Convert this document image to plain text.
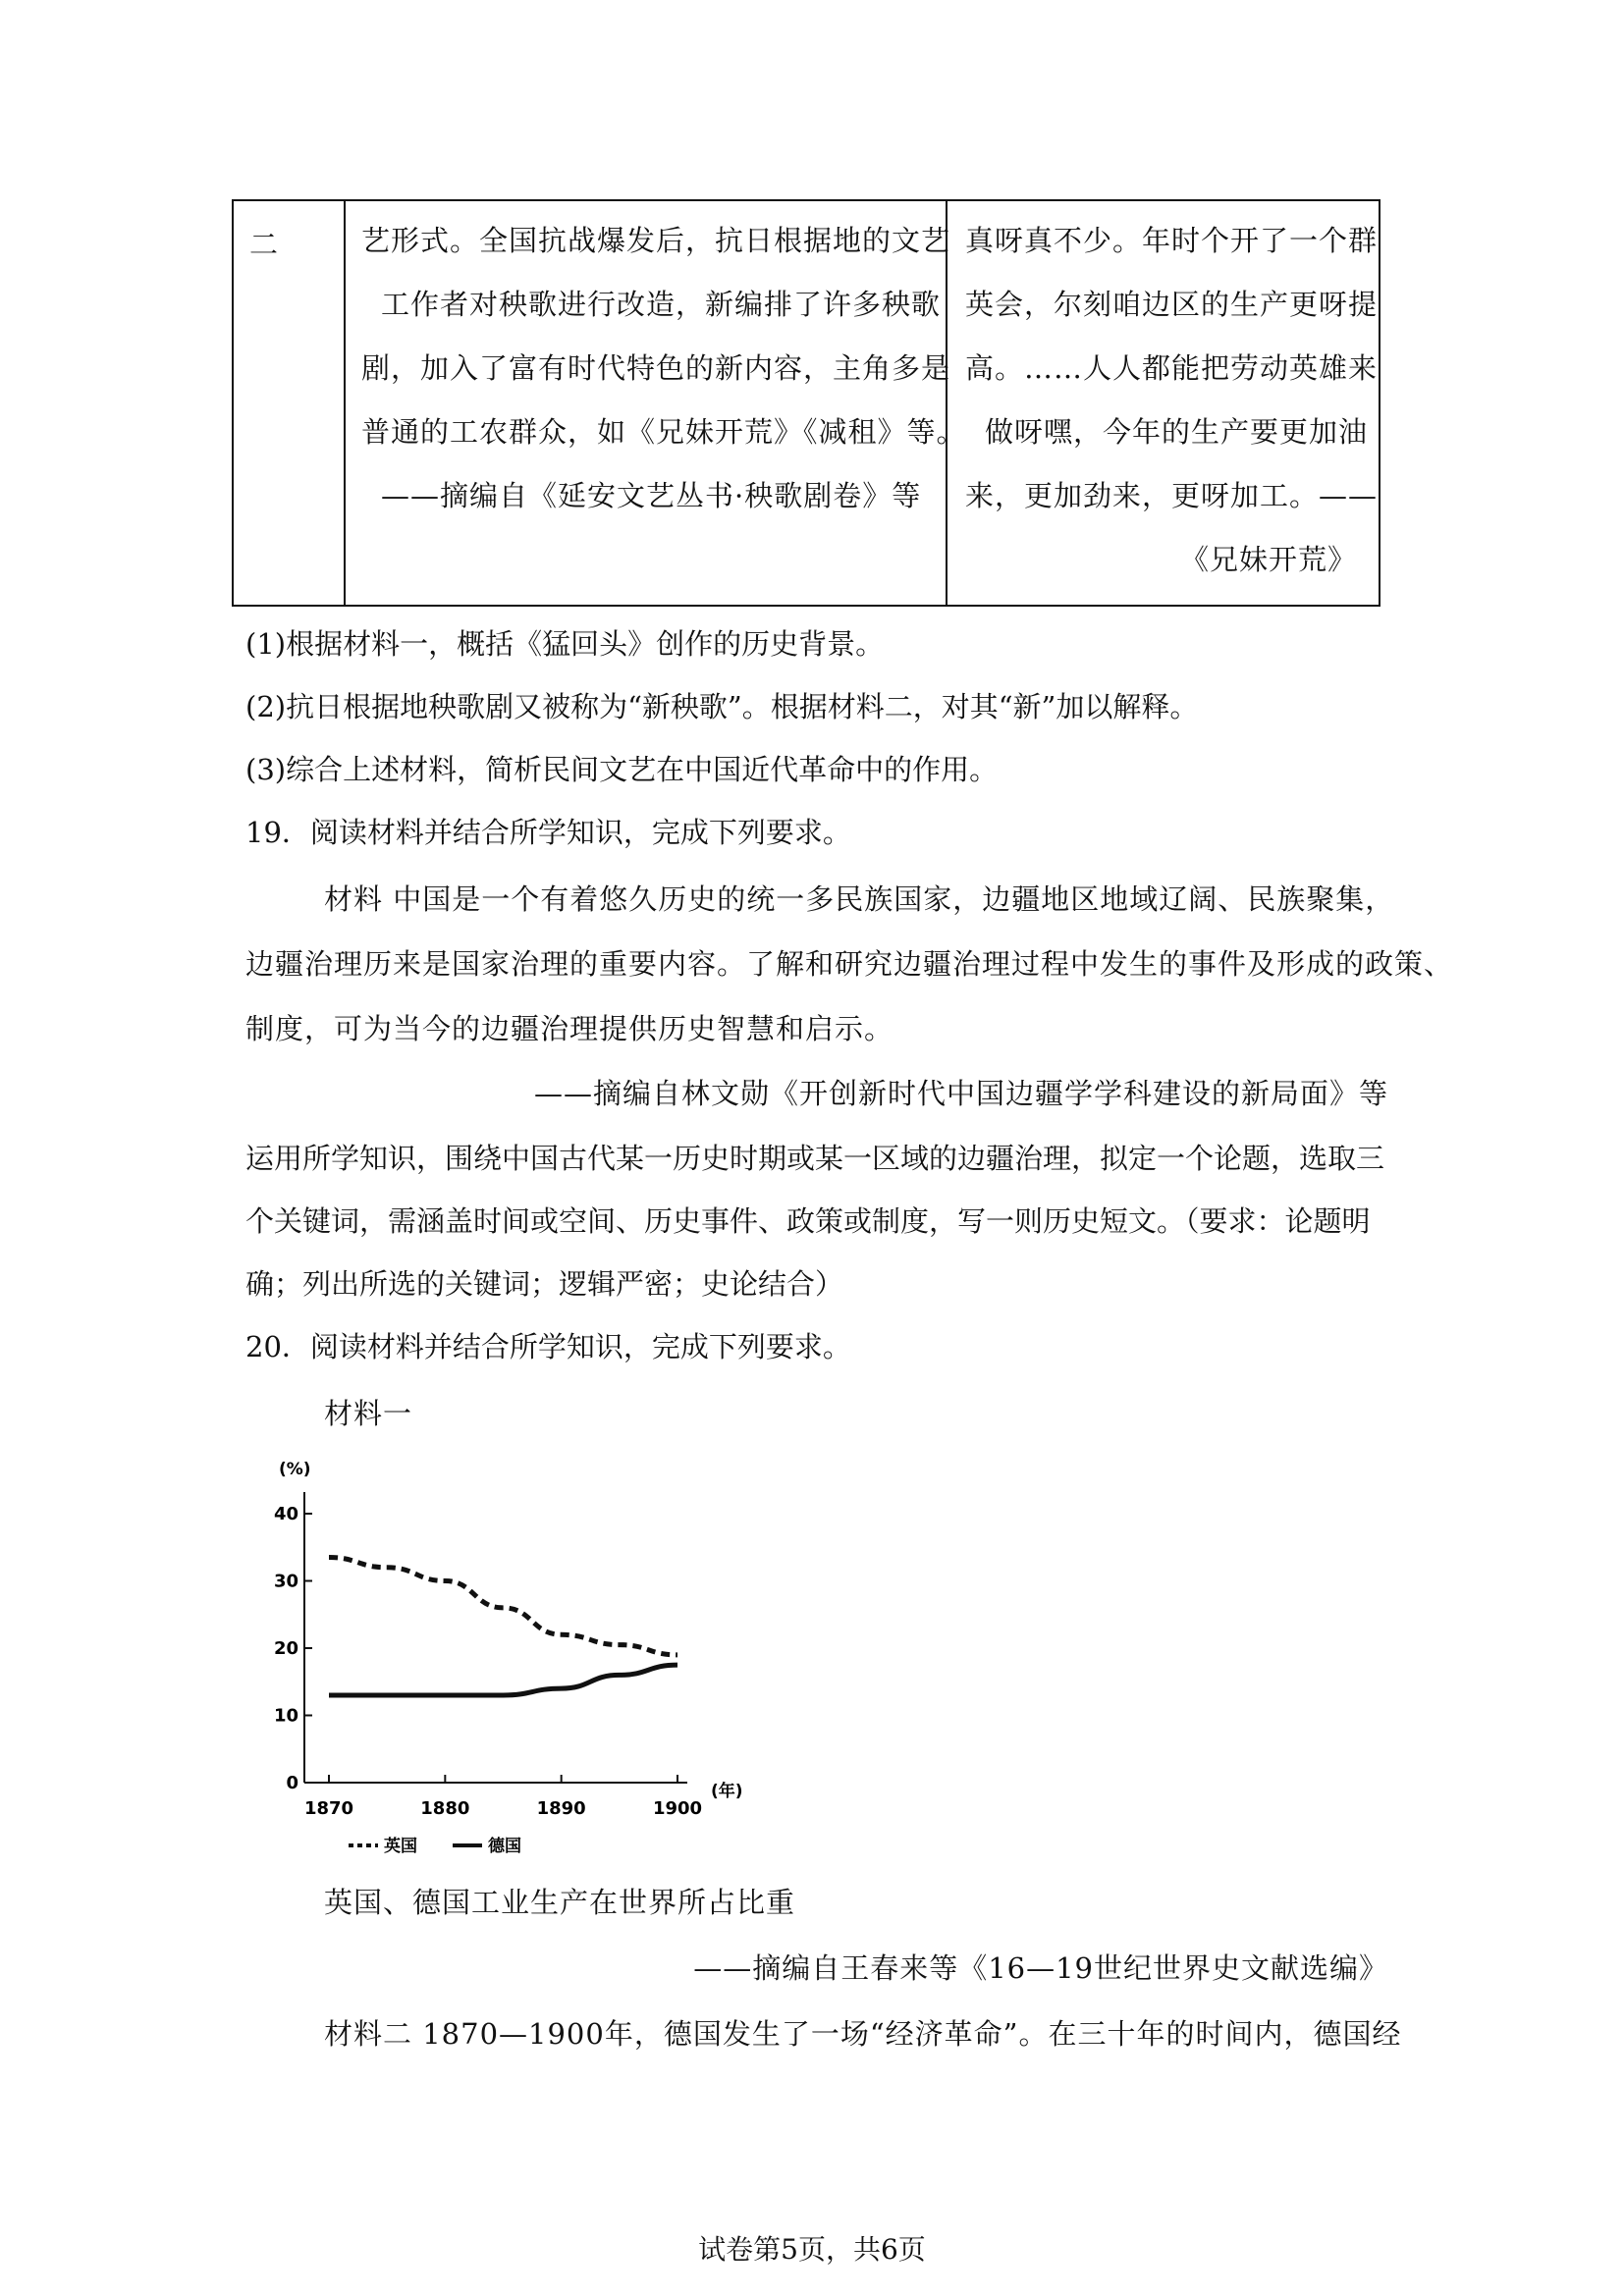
二	艺形式。全国抗战爆发后，抗日根据地的文艺
工作者对秧歌进行改造，新编排了许多秧歌
剧，加入了富有时代特色的新内容，主角多是
普通的工农群众，如《兄妹开荒》《减租》等。
——摘编自《延安文艺丛书·秧歌剧卷》等

真呀真不少。年时个开了一个群
英会，尔刻咱边区的生产更呀提
高。……人人都能把劳动英雄来
做呀嘿，今年的生产要更加油
来，更加劲来，更呀加工。——
《兄妹开荒》
(1)根据材料一，概括《猛回头》创作的历史背景。
(2)抗日根据地秧歌剧又被称为“新秧歌”。根据材料二，对其“新”加以解释。
(3)综合上述材料，简析民间文艺在中国近代革命中的作用。
19．阅读材料并结合所学知识，完成下列要求。
材料 中国是一个有着悠久历史的统一多民族国家，边疆地区地域辽阔、民族聚集，
边疆治理历来是国家治理的重要内容。了解和研究边疆治理过程中发生的事件及形成的政策、
制度，可为当今的边疆治理提供历史智慧和启示。
——摘编自林文勋《开创新时代中国边疆学学科建设的新局面》等
运用所学知识，围绕中国古代某一历史时期或某一区域的边疆治理，拟定一个论题，选取三
个关键词，需涵盖时间或空间、历史事件、政策或制度，写一则历史短文。（要求：论题明
确；列出所选的关键词；逻辑严密；史论结合）
20．阅读材料并结合所学知识，完成下列要求。
材料一
(%)
(年)
0
10
20
30
40
1870	1880	1890	1900
英国	德国
英国、德国工业生产在世界所占比重
——摘编自王春来等《16—19世纪世界史文献选编》
材料二 1870—1900年，德国发生了一场“经济革命”。在三十年的时间内，德国经
试卷第5页，共6页
